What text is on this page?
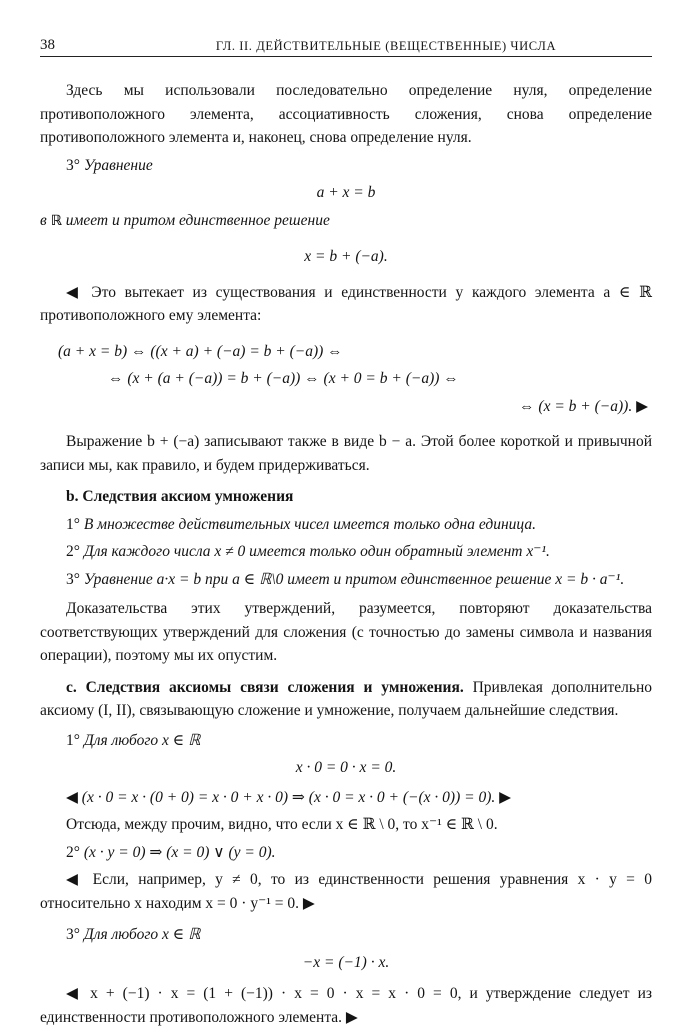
38	ГЛ. II. ДЕЙСТВИТЕЛЬНЫЕ (ВЕЩЕСТВЕННЫЕ) ЧИСЛА

Здесь мы использовали последовательно определение нуля, определение противоположного элемента, ассоциативность сложения, снова определение противоположного элемента и, наконец, снова определение нуля.

3° Уравнение

a + x = b

в ℝ имеет и притом единственное решение

x = b + (−a).

◀ Это вытекает из существования и единственности у каждого элемента a ∈ ℝ противоположного ему элемента:

(a + x = b) ⇔ ((x + a) + (−a) = b + (−a)) ⇔

⇔ (x + (a + (−a)) = b + (−a)) ⇔ (x + 0 = b + (−a)) ⇔

⇔ (x = b + (−a)). ▶

Выражение b + (−a) записывают также в виде b − a. Этой более короткой и привычной записи мы, как правило, и будем придерживаться.

b. Следствия аксиом умножения

1° В множестве действительных чисел имеется только одна единица.

2° Для каждого числа x ≠ 0 имеется только один обратный элемент x⁻¹.

3° Уравнение a·x = b при a ∈ ℝ\0 имеет и притом единственное решение x = b · a⁻¹.

Доказательства этих утверждений, разумеется, повторяют доказательства соответствующих утверждений для сложения (с точностью до замены символа и названия операции), поэтому мы их опустим.

c. Следствия аксиомы связи сложения и умножения. Привлекая дополнительно аксиому (I, II), связывающую сложение и умножение, получаем дальнейшие следствия.

1° Для любого x ∈ ℝ

x · 0 = 0 · x = 0.

◀ (x · 0 = x · (0 + 0) = x · 0 + x · 0) ⇒ (x · 0 = x · 0 + (−(x · 0)) = 0). ▶

Отсюда, между прочим, видно, что если x ∈ ℝ \ 0, то x⁻¹ ∈ ℝ \ 0.

2° (x · y = 0) ⇒ (x = 0) ∨ (y = 0).

◀ Если, например, y ≠ 0, то из единственности решения уравнения x · y = 0 относительно x находим x = 0 · y⁻¹ = 0. ▶

3° Для любого x ∈ ℝ

−x = (−1) · x.

◀ x + (−1) · x = (1 + (−1)) · x = 0 · x = x · 0 = 0, и утверждение следует из единственности противоположного элемента. ▶
